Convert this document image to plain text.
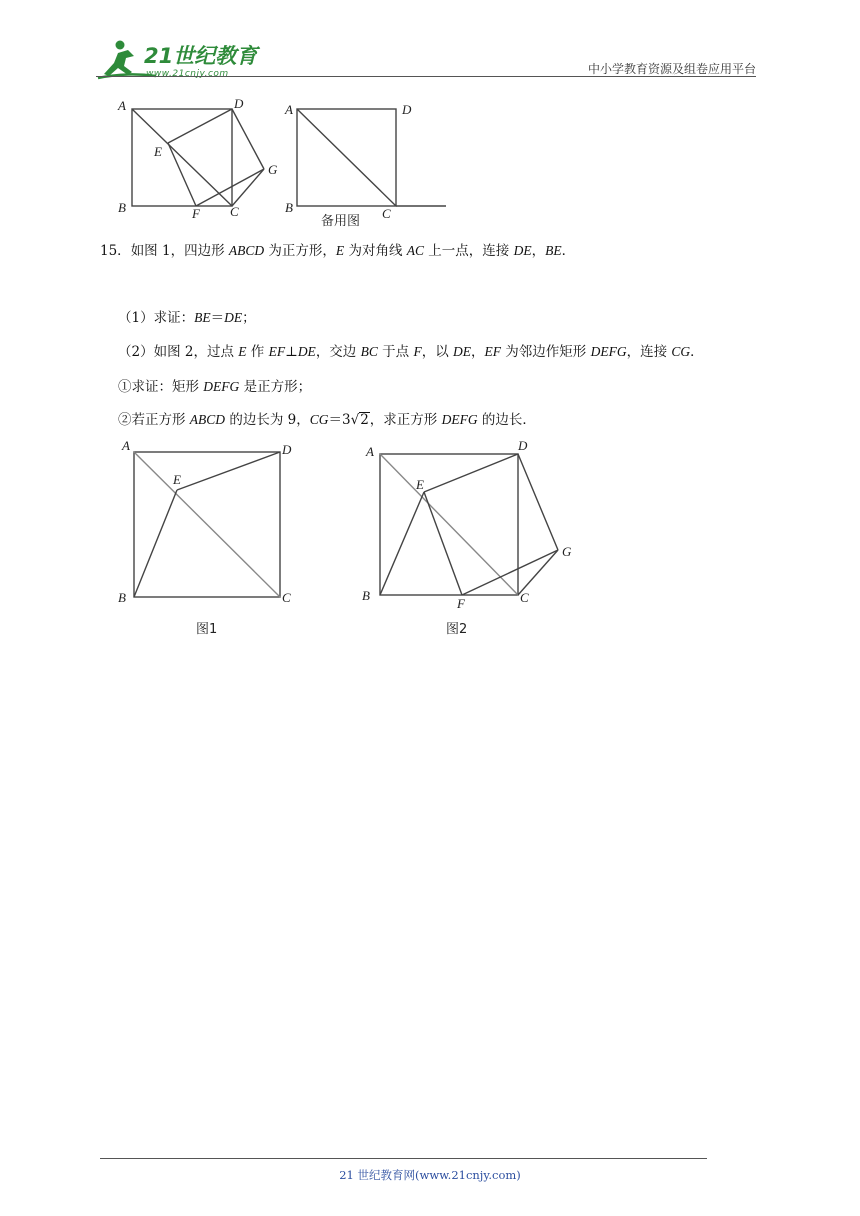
21世纪教育
www.21cnjy.com	中小学教育资源及组卷应用平台
A	D
E
G
B	F C
A	D
B	C
备用图
15．如图 1，四边形 ABCD 为正方形，E 为对角线 AC 上一点，连接 DE，BE．
（1）求证：BE＝DE；
（2）如图 2，过点 E 作 EF⊥DE，交边 BC 于点 F，以 DE，EF 为邻边作矩形 DEFG，连接 CG．
①求证：矩形 DEFG 是正方形；
②若正方形 ABCD 的边长为 9，CG＝3√2，求正方形 DEFG 的边长．
A	D
E
B	C
图1
A	D
E
G
B
F	C
图2
21 世纪教育网(www.21cnjy.com)
